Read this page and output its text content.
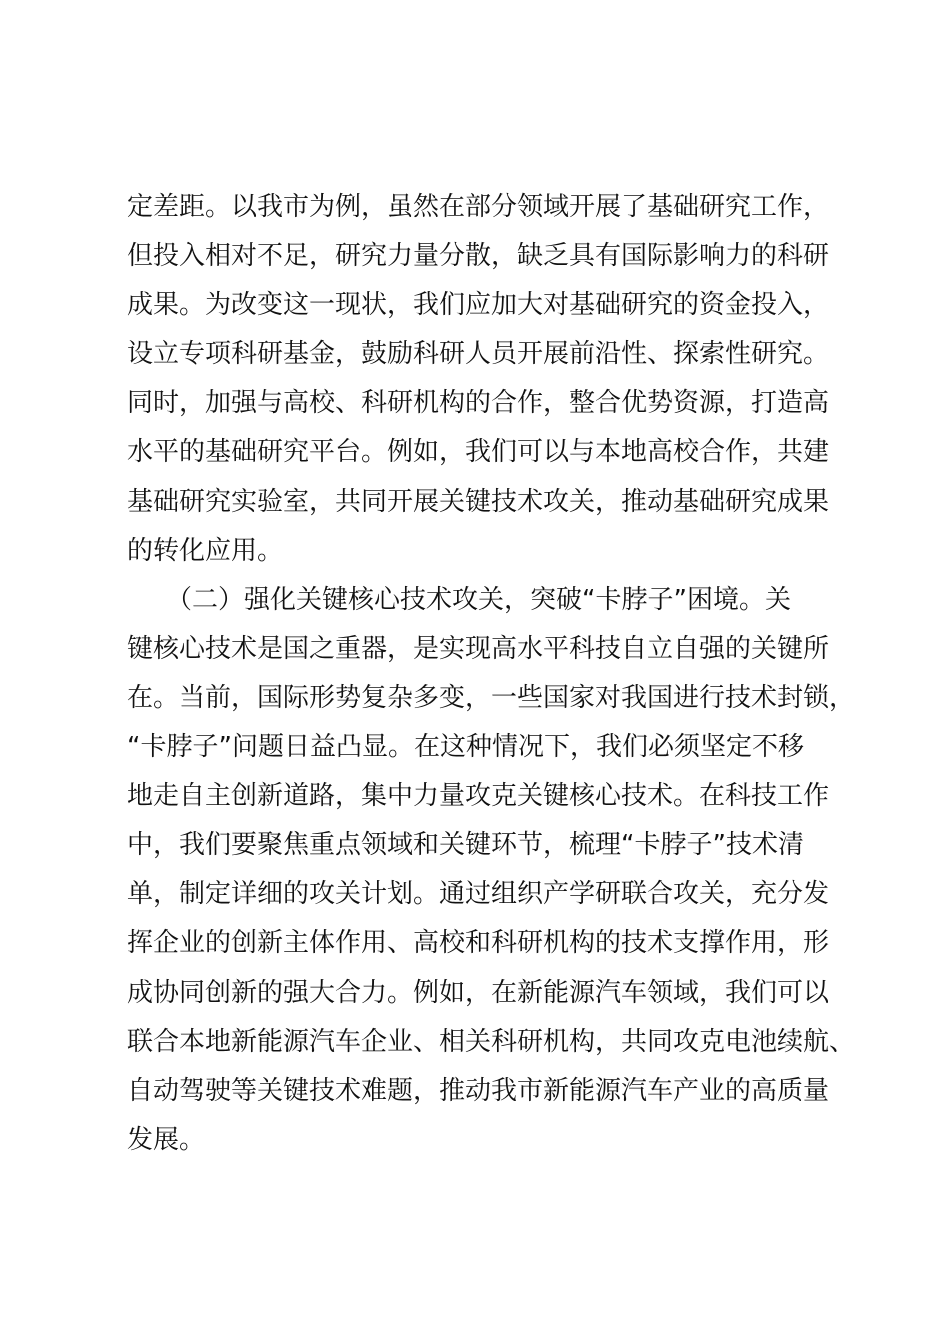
定差距。以我市为例，虽然在部分领域开展了基础研究工作，
但投入相对不足，研究力量分散，缺乏具有国际影响力的科研
成果。为改变这一现状，我们应加大对基础研究的资金投入，
设立专项科研基金，鼓励科研人员开展前沿性、探索性研究。
同时，加强与高校、科研机构的合作，整合优势资源，打造高
水平的基础研究平台。例如，我们可以与本地高校合作，共建
基础研究实验室，共同开展关键技术攻关，推动基础研究成果
的转化应用。
　　（二）强化关键核心技术攻关，突破“卡脖子”困境。关
键核心技术是国之重器，是实现高水平科技自立自强的关键所
在。当前，国际形势复杂多变，一些国家对我国进行技术封锁，
“卡脖子”问题日益凸显。在这种情况下，我们必须坚定不移
地走自主创新道路，集中力量攻克关键核心技术。在科技工作
中，我们要聚焦重点领域和关键环节，梳理“卡脖子”技术清
单，制定详细的攻关计划。通过组织产学研联合攻关，充分发
挥企业的创新主体作用、高校和科研机构的技术支撑作用，形
成协同创新的强大合力。例如，在新能源汽车领域，我们可以
联合本地新能源汽车企业、相关科研机构，共同攻克电池续航、
自动驾驶等关键技术难题，推动我市新能源汽车产业的高质量
发展。
